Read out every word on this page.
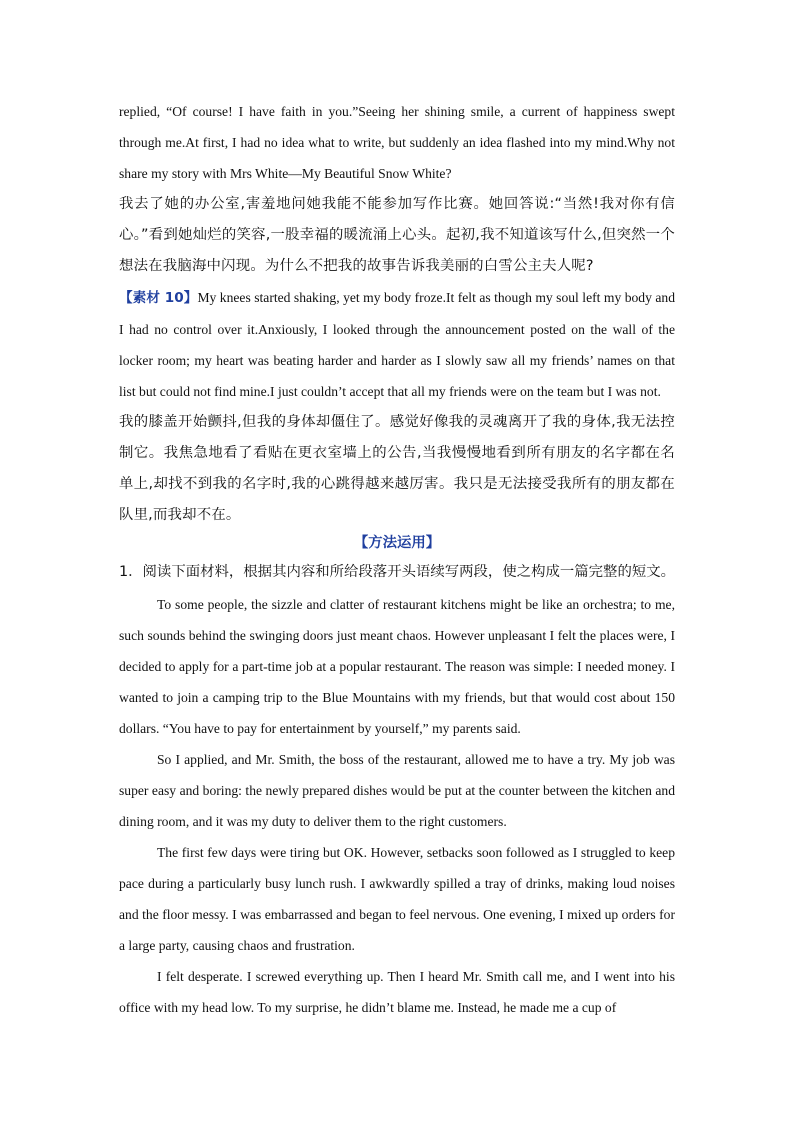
replied, “Of course! I have faith in you.”Seeing her shining smile, a current of happiness swept through me.At first, I had no idea what to write, but suddenly an idea flashed into my mind.Why not share my story with Mrs White—My Beautiful Snow White?

我去了她的办公室,害羞地问她我能不能参加写作比赛。她回答说:“当然!我对你有信心。”看到她灿烂的笑容,一股幸福的暖流涌上心头。起初,我不知道该写什么,但突然一个想法在我脑海中闪现。为什么不把我的故事告诉我美丽的白雪公主夫人呢?

【素材 10】My knees started shaking, yet my body froze.It felt as though my soul left my body and I had no control over it.Anxiously, I looked through the announcement posted on the wall of the locker room; my heart was beating harder and harder as I slowly saw all my friends’ names on that list but could not find mine.I just couldn’t accept that all my friends were on the team but I was not.

我的膝盖开始颤抖,但我的身体却僵住了。感觉好像我的灵魂离开了我的身体,我无法控制它。我焦急地看了看贴在更衣室墙上的公告,当我慢慢地看到所有朋友的名字都在名单上,却找不到我的名字时,我的心跳得越来越厉害。我只是无法接受我所有的朋友都在队里,而我却不在。

【方法运用】

1．阅读下面材料，根据其内容和所给段落开头语续写两段，使之构成一篇完整的短文。

To some people, the sizzle and clatter of restaurant kitchens might be like an orchestra; to me, such sounds behind the swinging doors just meant chaos. However unpleasant I felt the places were, I decided to apply for a part-time job at a popular restaurant. The reason was simple: I needed money. I wanted to join a camping trip to the Blue Mountains with my friends, but that would cost about 150 dollars. “You have to pay for entertainment by yourself,” my parents said.

So I applied, and Mr. Smith, the boss of the restaurant, allowed me to have a try. My job was super easy and boring: the newly prepared dishes would be put at the counter between the kitchen and dining room, and it was my duty to deliver them to the right customers.

The first few days were tiring but OK. However, setbacks soon followed as I struggled to keep pace during a particularly busy lunch rush. I awkwardly spilled a tray of drinks, making loud noises and the floor messy. I was embarrassed and began to feel nervous. One evening, I mixed up orders for a large party, causing chaos and frustration.

I felt desperate. I screwed everything up. Then I heard Mr. Smith call me, and I went into his office with my head low. To my surprise, he didn’t blame me. Instead, he made me a cup of
